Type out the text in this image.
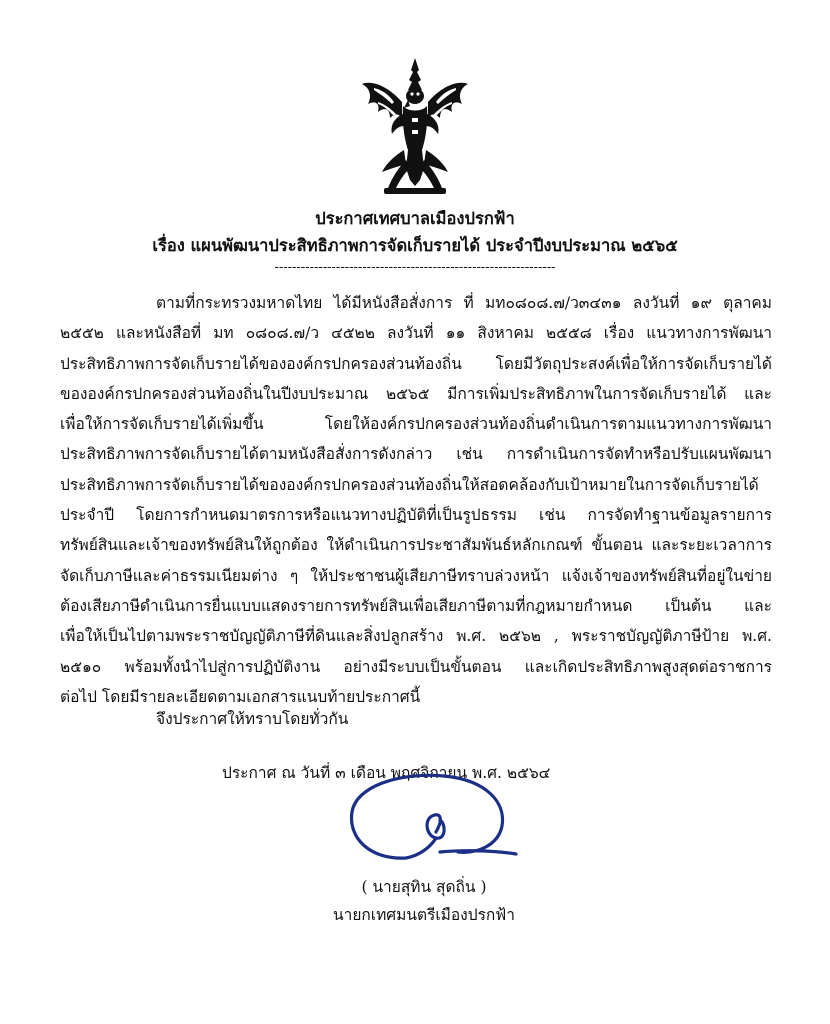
ประกาศเทศบาลเมืองปรกฟ้า
เรื่อง แผนพัฒนาประสิทธิภาพการจัดเก็บรายได้ ประจำปีงบประมาณ ๒๕๖๕
----------------------------------------------------------------
ตามที่กระทรวงมหาดไทย ได้มีหนังสือสั่งการ ที่ มท๐๘๐๘.๗/ว๓๔๓๑ ลงวันที่ ๑๙ ตุลาคม
๒๕๕๒ และหนังสือที่ มท ๐๘๐๘.๗/ว ๔๕๒๒ ลงวันที่ ๑๑ สิงหาคม ๒๕๕๘ เรื่อง แนวทางการพัฒนา
ประสิทธิภาพการจัดเก็บรายได้ขององค์กรปกครองส่วนท้องถิ่น โดยมีวัตถุประสงค์เพื่อให้การจัดเก็บรายได้
ขององค์กรปกครองส่วนท้องถิ่นในปีงบประมาณ ๒๕๖๕ มีการเพิ่มประสิทธิภาพในการจัดเก็บรายได้ และ
เพื่อให้การจัดเก็บรายได้เพิ่มขึ้น โดยให้องค์กรปกครองส่วนท้องถิ่นดำเนินการตามแนวทางการพัฒนา
ประสิทธิภาพการจัดเก็บรายได้ตามหนังสือสั่งการดังกล่าว เช่น การดำเนินการจัดทำหรือปรับแผนพัฒนา
ประสิทธิภาพการจัดเก็บรายได้ขององค์กรปกครองส่วนท้องถิ่นให้สอดคล้องกับเป้าหมายในการจัดเก็บรายได้
ประจำปี โดยการกำหนดมาตรการหรือแนวทางปฏิบัติที่เป็นรูปธรรม เช่น การจัดทำฐานข้อมูลรายการ
ทรัพย์สินและเจ้าของทรัพย์สินให้ถูกต้อง ให้ดำเนินการประชาสัมพันธ์หลักเกณฑ์ ขั้นตอน และระยะเวลาการ
จัดเก็บภาษีและค่าธรรมเนียมต่าง ๆ ให้ประชาชนผู้เสียภาษีทราบล่วงหน้า แจ้งเจ้าของทรัพย์สินที่อยู่ในข่าย
ต้องเสียภาษีดำเนินการยื่นแบบแสดงรายการทรัพย์สินเพื่อเสียภาษีตามที่กฎหมายกำหนด เป็นต้น และ
เพื่อให้เป็นไปตามพระราชบัญญัติภาษีที่ดินและสิ่งปลูกสร้าง พ.ศ. ๒๕๖๒ , พระราชบัญญัติภาษีป้าย พ.ศ.
๒๕๑๐ พร้อมทั้งนำไปสู่การปฏิบัติงาน อย่างมีระบบเป็นขั้นตอน และเกิดประสิทธิภาพสูงสุดต่อราชการ
ต่อไป โดยมีรายละเอียดตามเอกสารแนบท้ายประกาศนี้
จึงประกาศให้ทราบโดยทั่วกัน
ประกาศ ณ วันที่ ๓ เดือน พฤศจิกายน พ.ศ. ๒๕๖๔
( นายสุทิน สุดถิ่น )
นายกเทศมนตรีเมืองปรกฟ้า
